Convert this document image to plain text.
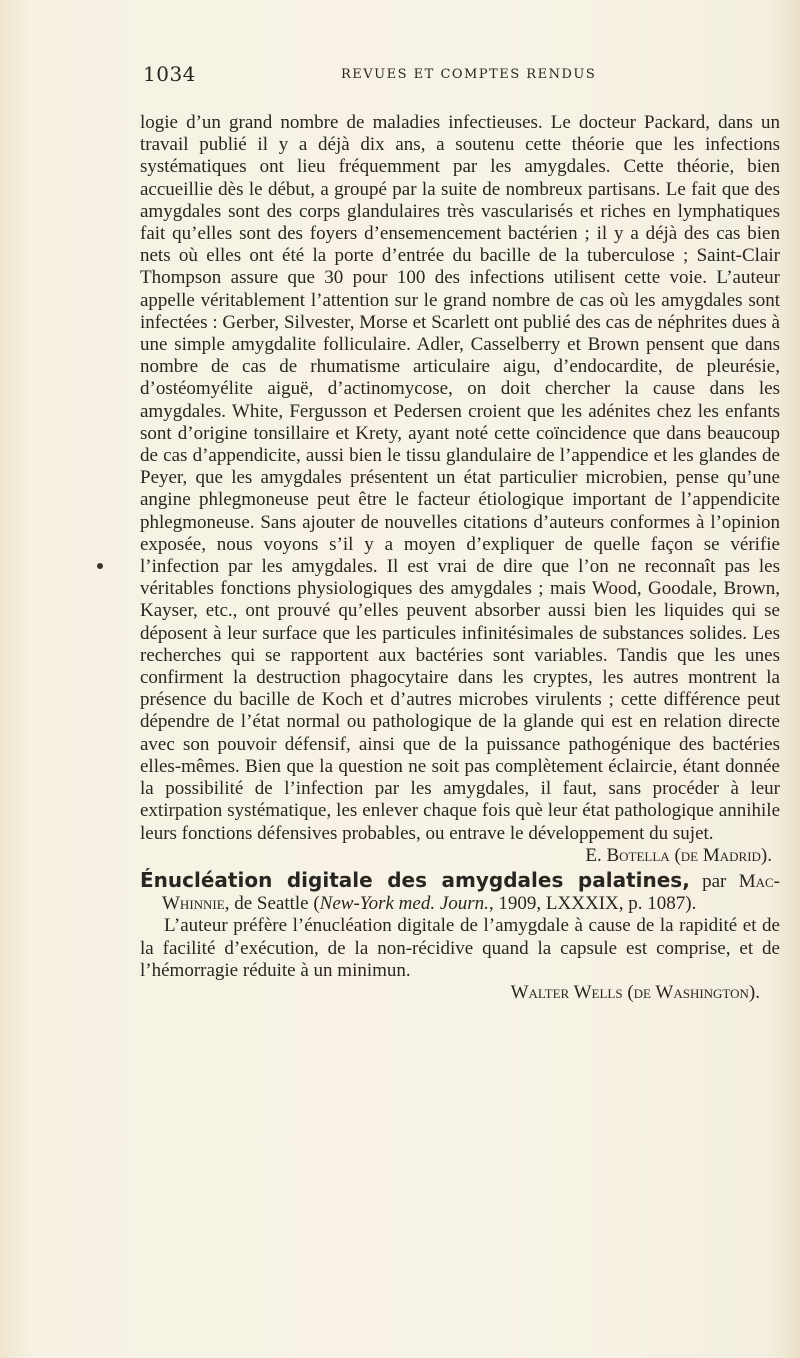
1034	REVUES ET COMPTES RENDUS

logie d’un grand nombre de maladies infectieuses. Le docteur Packard, dans un travail publié il y a déjà dix ans, a soutenu cette théorie que les infections systématiques ont lieu fréquemment par les amygdales. Cette théorie, bien accueillie dès le début, a groupé par la suite de nombreux partisans. Le fait que des amygdales sont des corps glandulaires très vascularisés et riches en lymphatiques fait qu’elles sont des foyers d’ensemencement bactérien ; il y a déjà des cas bien nets où elles ont été la porte d’entrée du bacille de la tuberculose ; Saint-Clair Thompson assure que 30 pour 100 des infections utilisent cette voie. L’auteur appelle véritablement l’attention sur le grand nombre de cas où les amygdales sont infectées : Gerber, Silvester, Morse et Scarlett ont publié des cas de néphrites dues à une simple amygdalite folliculaire. Adler, Casselberry et Brown pensent que dans nombre de cas de rhumatisme articulaire aigu, d’endocardite, de pleurésie, d’ostéomyélite aiguë, d’actinomycose, on doit chercher la cause dans les amygdales. White, Fergusson et Pedersen croient que les adénites chez les enfants sont d’origine tonsillaire et Krety, ayant noté cette coïncidence que dans beaucoup de cas d’appendicite, aussi bien le tissu glandulaire de l’appendice et les glandes de Peyer, que les amygdales présentent un état particulier microbien, pense qu’une angine phlegmoneuse peut être le facteur étiologique important de l’appendicite phlegmoneuse. Sans ajouter de nouvelles citations d’auteurs conformes à l’opinion exposée, nous voyons s’il y a moyen d’expliquer de quelle façon se vérifie l’infection par les amygdales. Il est vrai de dire que l’on ne reconnaît pas les véritables fonctions physiologiques des amygdales ; mais Wood, Goodale, Brown, Kayser, etc., ont prouvé qu’elles peuvent absorber aussi bien les liquides qui se déposent à leur surface que les particules infinitésimales de substances solides. Les recherches qui se rapportent aux bactéries sont variables. Tandis que les unes confirment la destruction phagocytaire dans les cryptes, les autres montrent la présence du bacille de Koch et d’autres microbes virulents ; cette différence peut dépendre de l’état normal ou pathologique de la glande qui est en relation directe avec son pouvoir défensif, ainsi que de la puissance pathogénique des bactéries elles-mêmes. Bien que la question ne soit pas complètement éclaircie, étant donnée la possibilité de l’infection par les amygdales, il faut, sans procéder à leur extirpation systématique, les enlever chaque fois què leur état pathologique annihile leurs fonctions défensives probables, ou entrave le développement du sujet.

E. Botella (de Madrid).

Énucléation digitale des amygdales palatines, par Mac-Whinnie, de Seattle (New-York med. Journ., 1909, LXXXIX, p. 1087).

L’auteur préfère l’énucléation digitale de l’amygdale à cause de la rapidité et de la facilité d’exécution, de la non-récidive quand la capsule est comprise, et de l’hémorragie réduite à un minimun.

Walter Wells (de Washington).
